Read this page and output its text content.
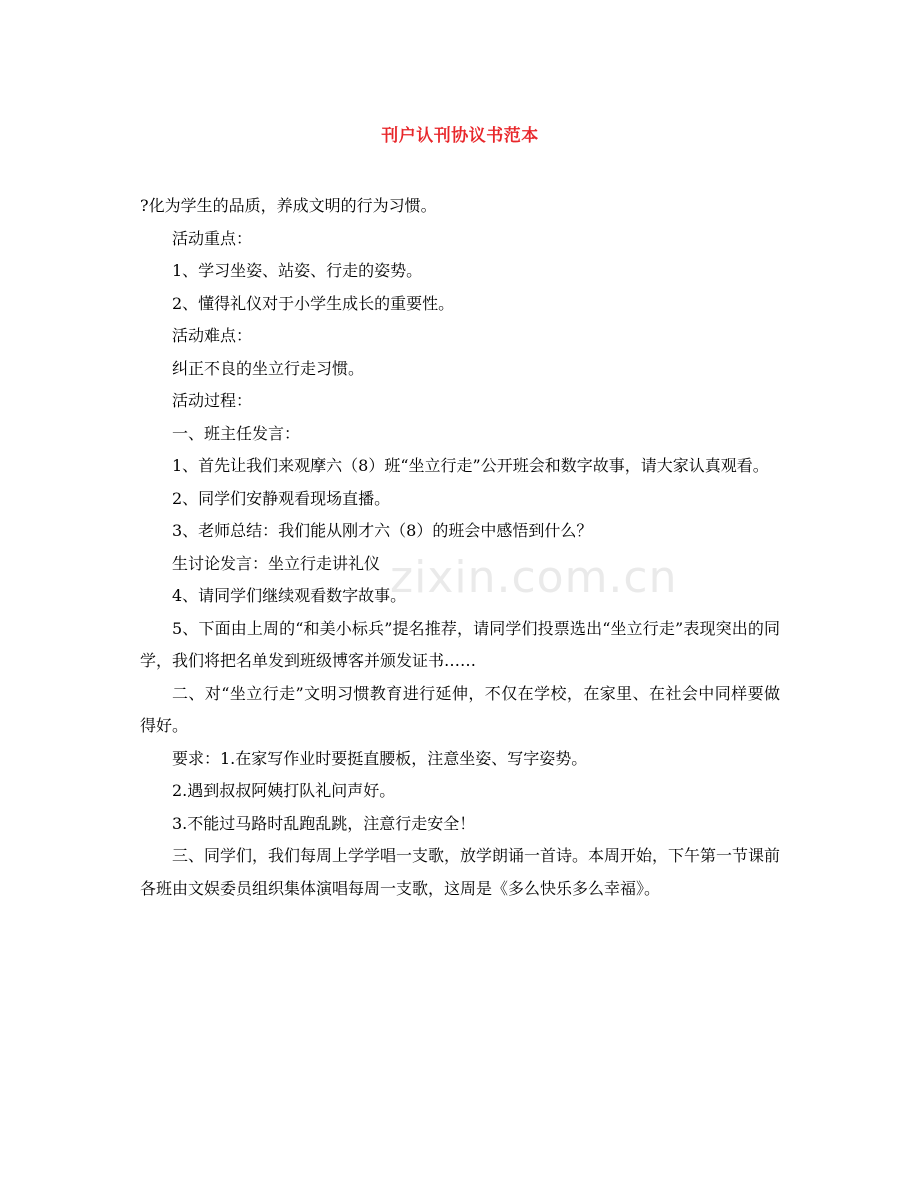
刊户认刊协议书范本
zixin.com.cn

?化为学生的品质，养成文明的行为习惯。

活动重点：

1、学习坐姿、站姿、行走的姿势。

2、懂得礼仪对于小学生成长的重要性。

活动难点：

纠正不良的坐立行走习惯。

活动过程：

一、班主任发言：

1、首先让我们来观摩六（8）班“坐立行走”公开班会和数字故事，请大家认真观看。

2、同学们安静观看现场直播。

3、老师总结：我们能从刚才六（8）的班会中感悟到什么？

生讨论发言：坐立行走讲礼仪

4、请同学们继续观看数字故事。

5、下面由上周的“和美小标兵”提名推荐，请同学们投票选出“坐立行走”表现突出的同学，我们将把名单发到班级博客并颁发证书……

二、对“坐立行走”文明习惯教育进行延伸，不仅在学校，在家里、在社会中同样要做得好。

要求：1.在家写作业时要挺直腰板，注意坐姿、写字姿势。

2.遇到叔叔阿姨打队礼问声好。

3.不能过马路时乱跑乱跳，注意行走安全！

三、同学们，我们每周上学学唱一支歌，放学朗诵一首诗。本周开始，下午第一节课前各班由文娱委员组织集体演唱每周一支歌，这周是《多么快乐多么幸福》。
